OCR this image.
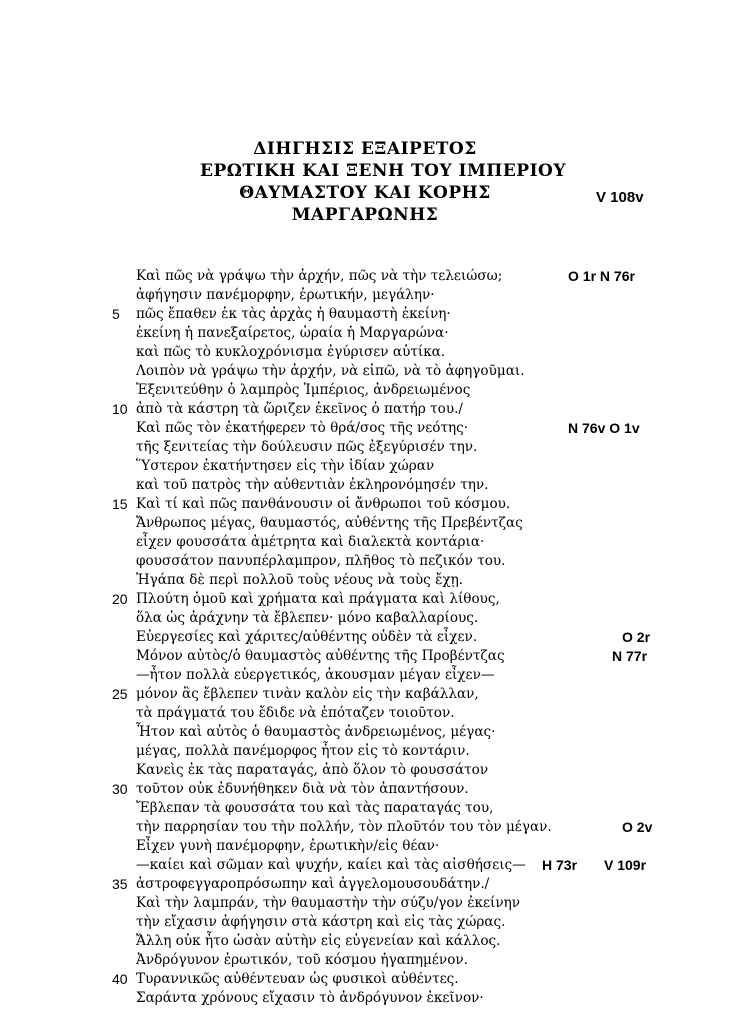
ΔΙΗΓΗΣΙΣ ΕΞΑΙΡΕΤΟΣ
ΕΡΩΤΙΚΗ ΚΑΙ ΞΕΝΗ ΤΟΥ ΙΜΠΕΡΙΟΥ
ΘΑΥΜΑΣΤΟΥ ΚΑΙ ΚΟΡΗΣ
ΜΑΡΓΑΡΩΝΗΣ
V 108v
Καὶ πῶς νὰ γράψω τὴν ἀρχήν, πῶς νὰ τὴν τελειώσω;
ἀφήγησιν πανέμορφην, ἐρωτικήν, μεγάλην·
πῶς ἔπαθεν ἐκ τὰς ἀρχὰς ἡ θαυμαστὴ ἐκείνη·
ἐκείνη ἡ πανεξαίρετος, ὡραία ἡ Μαργαρώνα·
καὶ πῶς τὸ κυκλοχρόνισμα ἐγύρισεν αὐτίκα.
Λοιπὸν νὰ γράψω τὴν ἀρχήν, νὰ εἰπῶ, νὰ τὸ ἀφηγοῦμαι.
Ἐξενιτεύθην ὁ λαμπρὸς Ἰμπέριος, ἀνδρειωμένος
ἀπὸ τὰ κάστρη τὰ ὥριζεν ἐκεῖνος ὁ πατήρ του./
Καὶ πῶς τὸν ἐκατήφερεν τὸ θρά/σος τῆς νεότης·
τῆς ξενιτείας τὴν δούλευσιν πῶς ἐξεγύρισέν την.
Ὕστερον ἐκατήντησεν εἰς τὴν ἰδίαν χώραν
καὶ τοῦ πατρὸς τὴν αὐθεντιὰν ἐκληρονόμησέν την.
Καὶ τί καὶ πῶς πανθάνουσιν οἱ ἄνθρωποι τοῦ κόσμου.
Ἄνθρωπος μέγας, θαυμαστός, αὐθέντης τῆς Πρεβέντζας
εἶχεν φουσσάτα ἀμέτρητα καὶ διαλεκτὰ κοντάρια·
φουσσάτον πανυπέρλαμπρον, πλῆθος τὸ πεζικόν του.
Ἠγάπα δὲ περὶ πολλοῦ τοὺς νέους νὰ τοὺς ἔχῃ.
Πλούτη ὁμοῦ καὶ χρήματα καὶ πράγματα καὶ λίθους,
ὅλα ὡς ἀράχνην τὰ ἔβλεπεν· μόνο καβαλλαρίους.
Εὐεργεσίες καὶ χάριτες/αὐθέντης οὐδὲν τὰ εἶχεν.
Μόνον αὐτὸς/ὁ θαυμαστὸς αὐθέντης τῆς Προβέντζας
—ἦτον πολλὰ εὐεργετικός, ἀκουσμαν μέγαν εἶχεν—
μόνον ἂς ἔβλεπεν τινὰν καλὸν εἰς τὴν καβάλλαν,
τὰ πράγματά του ἔδιδε νὰ ἐπόταζεν τοιοῦτον.
Ἦτον καὶ αὐτὸς ὁ θαυμαστὸς ἀνδρειωμένος, μέγας·
μέγας, πολλὰ πανέμορφος ἦτον εἰς τὸ κοντάριν.
Κανεὶς ἐκ τὰς παραταγάς, ἀπὸ ὅλον τὸ φουσσάτον
τοῦτον οὐκ ἐδυνήθηκεν διὰ νὰ τὸν ἀπαντήσουν.
Ἔβλεπαν τὰ φουσσάτα του καὶ τὰς παραταγάς του,
τὴν παρρησίαν του τὴν πολλήν, τὸν πλοῦτόν του τὸν μέγαν.
Εἶχεν γυνὴ πανέμορφην, ἐρωτικὴν/εἰς θέαν·
—καίει καὶ σῶμαν καὶ ψυχήν, καίει καὶ τὰς αἰσθήσεις—
ἀστροφεγγαροπρόσωπην καὶ ἀγγελομουσουδάτην./
Καὶ τὴν λαμπράν, τὴν θαυμαστὴν τὴν σύζυ/γον ἐκείνην
τὴν εἴχασιν ἀφήγησιν στὰ κάστρη καὶ εἰς τὰς χώρας.
Ἄλλη οὐκ ἦτο ὡσὰν αὐτὴν εἰς εὐγενείαν καὶ κάλλος.
Ἀνδρόγυνον ἐρωτικόν, τοῦ κόσμου ἠγαπημένον.
Τυραννικῶς αὐθέντευαν ὡς φυσικοὶ αὐθέντες.
Σαράντα χρόνους εἴχασιν τὸ ἀνδρόγυνον ἐκεῖνον·
5
10
15
20
25
30
35
40
O 1r N 76r
N 76v O 1v
O 2r
N 77r
O 2v
H 73r V 109r
